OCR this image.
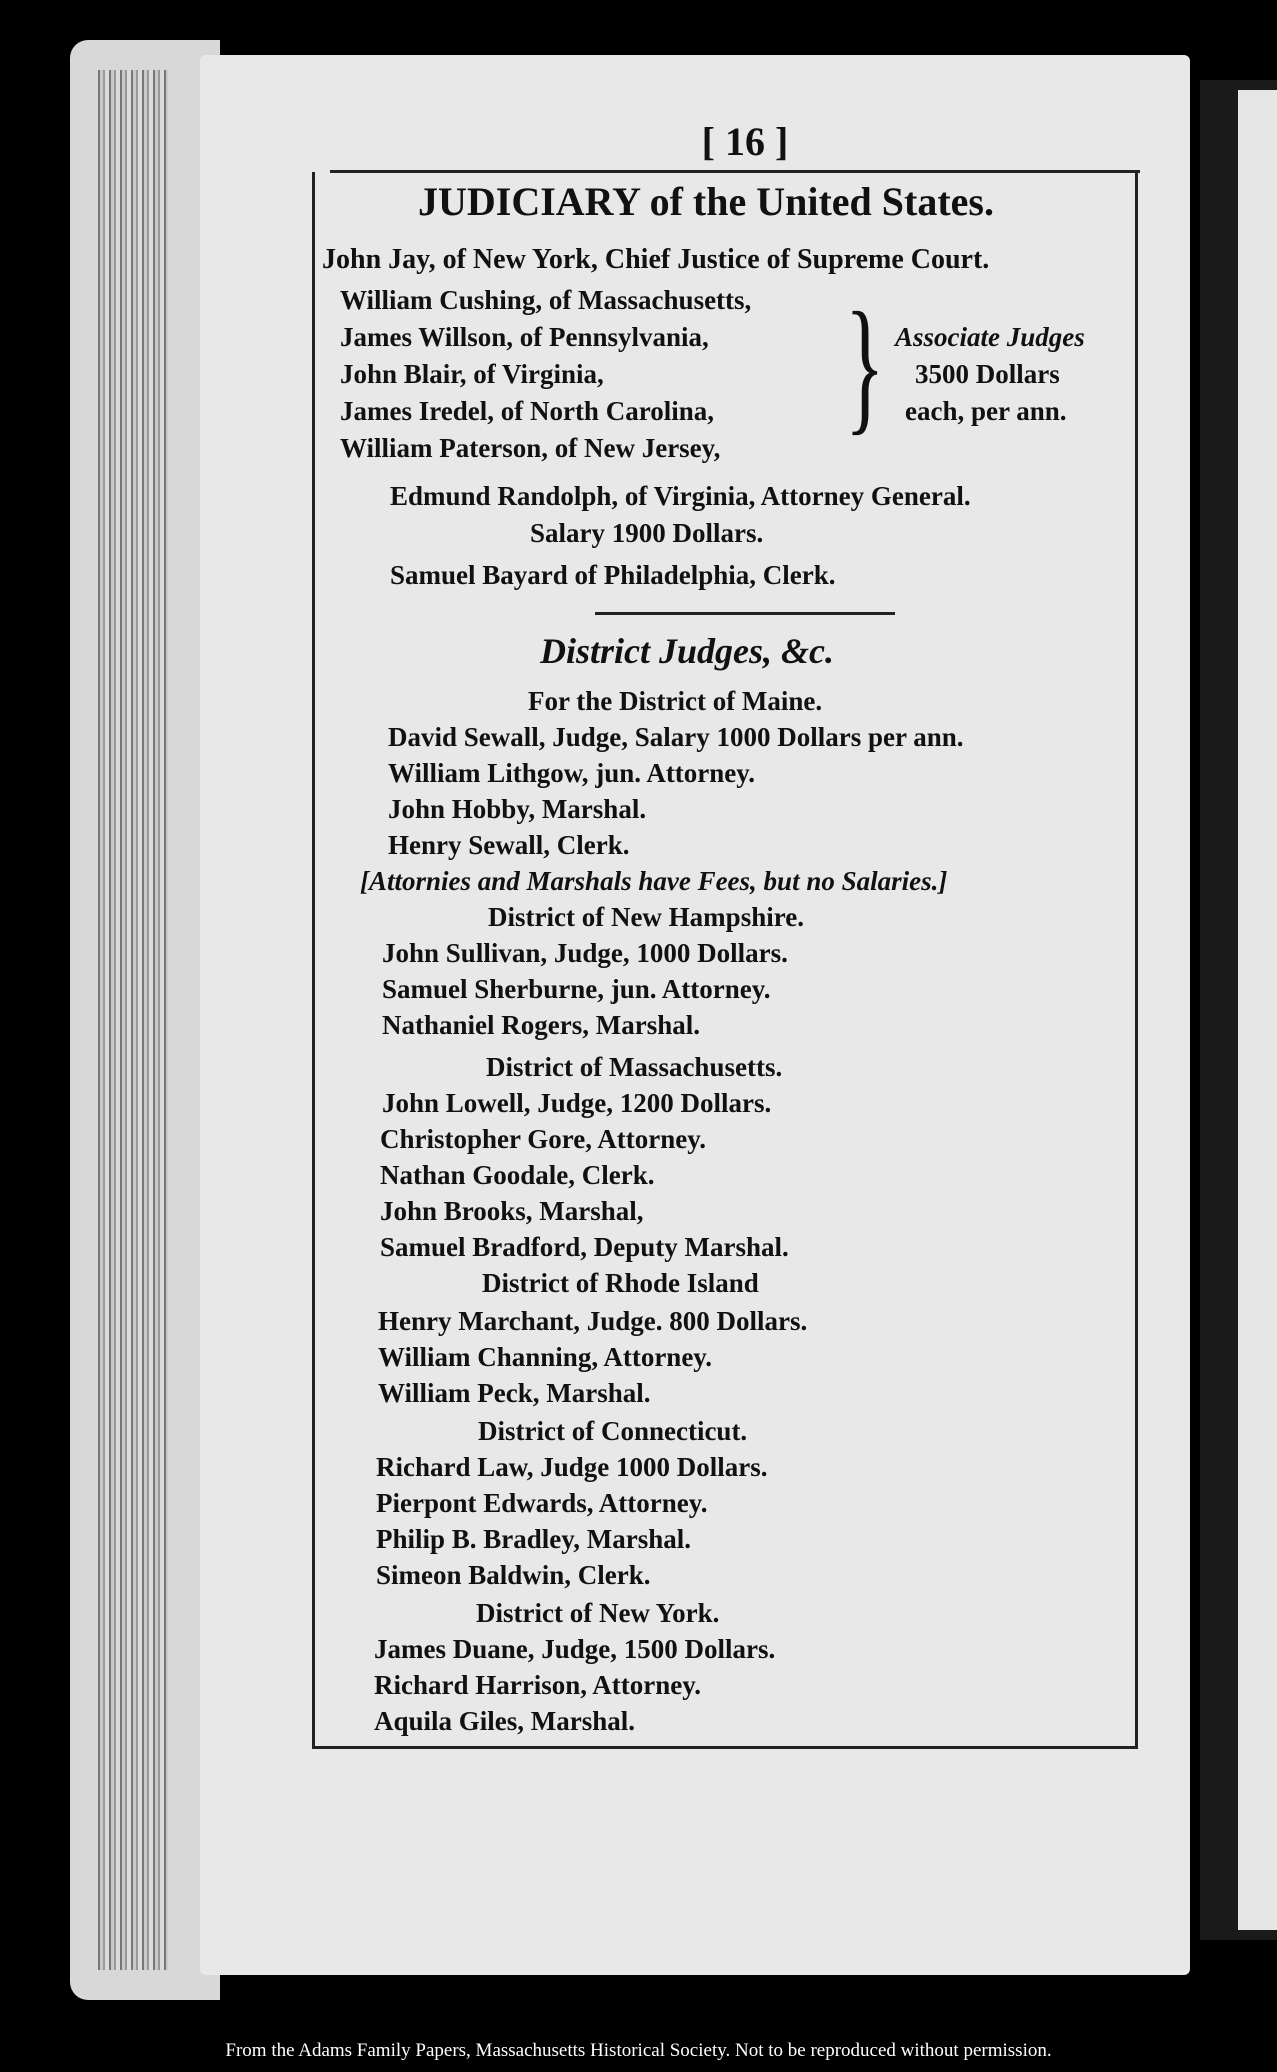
[ 16 ]
JUDICIARY of the United States.
John Jay, of New York, Chief Justice of Supreme Court.
William Cushing, of Massachusetts,
James Willson, of Pennsylvania,
John Blair, of Virginia,
James Iredel, of North Carolina,
William Paterson, of New Jersey, } Associate Judges
3500 Dollars
each, per ann.
Edmund Randolph, of Virginia, Attorney General.
Salary 1900 Dollars.
Samuel Bayard of Philadelphia, Clerk.
District Judges, &c.
For the District of Maine.
David Sewall, Judge, Salary 1000 Dollars per ann.
William Lithgow, jun. Attorney.
John Hobby, Marshal.
Henry Sewall, Clerk.
[Attornies and Marshals have Fees, but no Salaries.]
District of New Hampshire.
John Sullivan, Judge, 1000 Dollars.
Samuel Sherburne, jun. Attorney.
Nathaniel Rogers, Marshal.
District of Massachusetts.
John Lowell, Judge, 1200 Dollars.
Christopher Gore, Attorney.
Nathan Goodale, Clerk.
John Brooks, Marshal,
Samuel Bradford, Deputy Marshal.
District of Rhode Island
Henry Marchant, Judge. 800 Dollars.
William Channing, Attorney.
William Peck, Marshal.
District of Connecticut.
Richard Law, Judge 1000 Dollars.
Pierpont Edwards, Attorney.
Philip B. Bradley, Marshal.
Simeon Baldwin, Clerk.
District of New York.
James Duane, Judge, 1500 Dollars.
Richard Harrison, Attorney.
Aquila Giles, Marshal.
From the Adams Family Papers, Massachusetts Historical Society. Not to be reproduced without permission.
